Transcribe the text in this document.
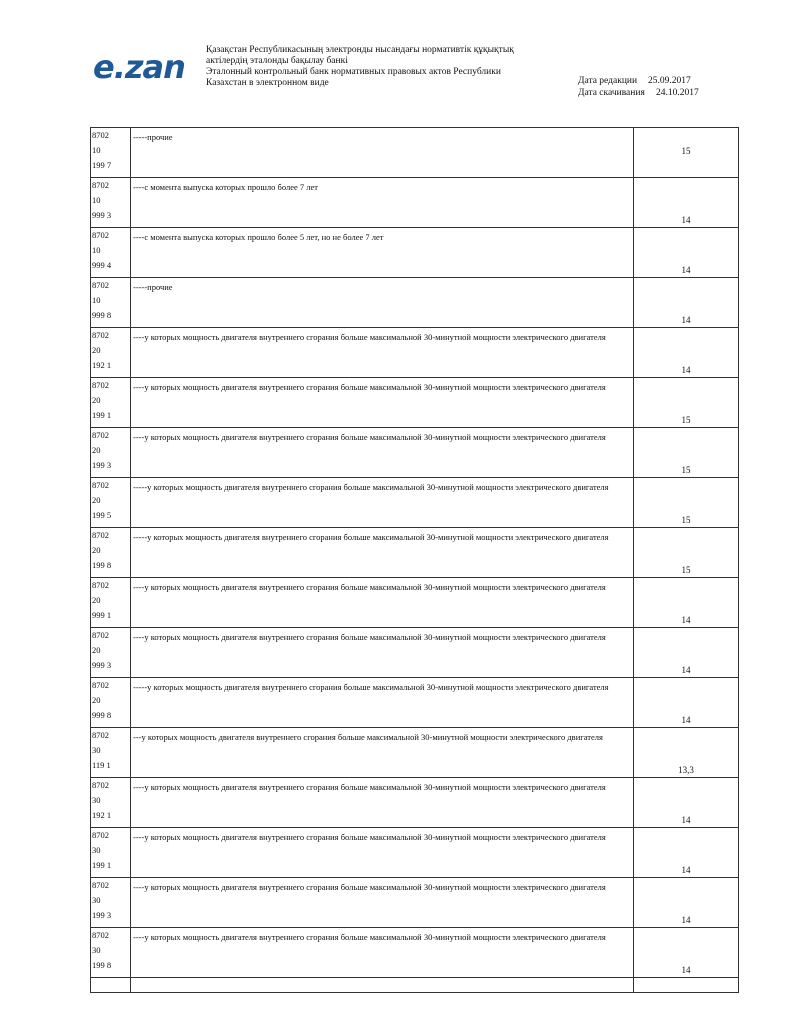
e.zan Қазақстан Республикасының электронды нысандағы нормативтік құқықтық
актілердің эталонды бақылау банкі
Эталонный контрольный банк нормативных правовых актов Республики
Казахстан в электронном виде	Дата редакции 25.09.2017
Дата скачивания 24.10.2017
8702
10
199 7	-----прочие	15

8702
10
999 3	----с момента выпуска которых прошло более 7 лет	14

8702
10
999 4	----с момента выпуска которых прошло более 5 лет, но не более 7 лет	14

8702
10
999 8	-----прочие	14

8702
20
192 1	----у которых мощность двигателя внутреннего сгорания больше максимальной 30-минутной мощности электрического двигателя	14

8702
20
199 1	----у которых мощность двигателя внутреннего сгорания больше максимальной 30-минутной мощности электрического двигателя	15

8702
20
199 3	----у которых мощность двигателя внутреннего сгорания больше максимальной 30-минутной мощности электрического двигателя	15

8702
20
199 5	-----у которых мощность двигателя внутреннего сгорания больше максимальной 30-минутной мощности электрического двигателя	15

8702
20
199 8	-----у которых мощность двигателя внутреннего сгорания больше максимальной 30-минутной мощности электрического двигателя	15

8702
20
999 1	----у которых мощность двигателя внутреннего сгорания больше максимальной 30-минутной мощности электрического двигателя	14

8702
20
999 3	----у которых мощность двигателя внутреннего сгорания больше максимальной 30-минутной мощности электрического двигателя	14

8702
20
999 8	-----у которых мощность двигателя внутреннего сгорания больше максимальной 30-минутной мощности электрического двигателя	14

8702
30
119 1	---у которых мощность двигателя внутреннего сгорания больше максимальной 30-минутной мощности электрического двигателя	13,3

8702
30
192 1	----у которых мощность двигателя внутреннего сгорания больше максимальной 30-минутной мощности электрического двигателя	14

8702
30
199 1	----у которых мощность двигателя внутреннего сгорания больше максимальной 30-минутной мощности электрического двигателя	14

8702
30
199 3	----у которых мощность двигателя внутреннего сгорания больше максимальной 30-минутной мощности электрического двигателя	14

8702
30
199 8	----у которых мощность двигателя внутреннего сгорания больше максимальной 30-минутной мощности электрического двигателя	14
